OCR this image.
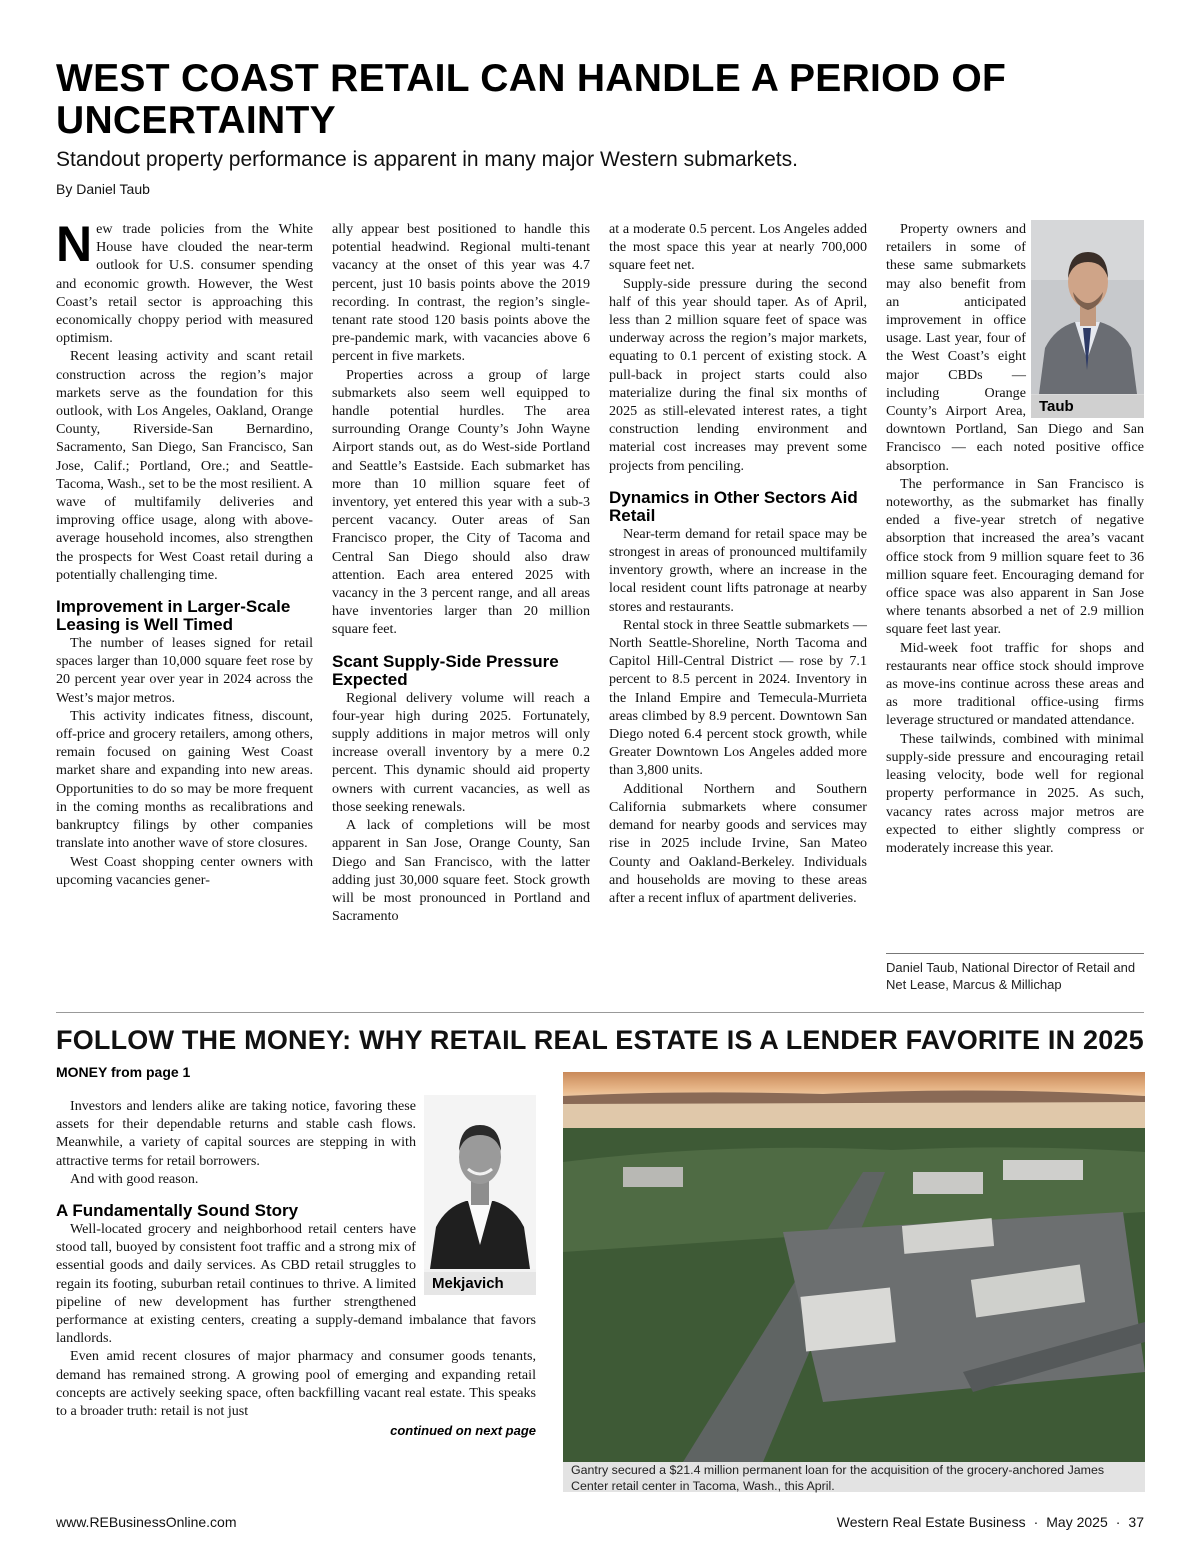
WEST COAST RETAIL CAN HANDLE A PERIOD OF UNCERTAINTY
Standout property performance is apparent in many major Western submarkets.
By Daniel Taub

New trade policies from the White House have clouded the near-term outlook for U.S. consumer spending and economic growth. However, the West Coast’s retail sector is approaching this economically choppy period with measured optimism.

Recent leasing activity and scant retail construction across the region’s major markets serve as the foundation for this outlook, with Los Angeles, Oakland, Orange County, Riverside-San Bernardino, Sacramento, San Diego, San Francisco, San Jose, Calif.; Portland, Ore.; and Seattle-Tacoma, Wash., set to be the most resilient. A wave of multifamily deliveries and improving office usage, along with above-average household incomes, also strengthen the prospects for West Coast retail during a potentially challenging time.

Improvement in Larger-Scale Leasing is Well Timed

The number of leases signed for retail spaces larger than 10,000 square feet rose by 20 percent year over year in 2024 across the West’s major metros.

This activity indicates fitness, discount, off-price and grocery retailers, among others, remain focused on gaining West Coast market share and expanding into new areas. Opportunities to do so may be more frequent in the coming months as recalibrations and bankruptcy filings by other companies translate into another wave of store closures.

West Coast shopping center owners with upcoming vacancies gener-

ally appear best positioned to handle this potential headwind. Regional multi-tenant vacancy at the onset of this year was 4.7 percent, just 10 basis points above the 2019 recording. In contrast, the region’s single-tenant rate stood 120 basis points above the pre-pandemic mark, with vacancies above 6 percent in five markets.

Properties across a group of large submarkets also seem well equipped to handle potential hurdles. The area surrounding Orange County’s John Wayne Airport stands out, as do West-side Portland and Seattle’s Eastside. Each submarket has more than 10 million square feet of inventory, yet entered this year with a sub-3 percent vacancy. Outer areas of San Francisco proper, the City of Tacoma and Central San Diego should also draw attention. Each area entered 2025 with vacancy in the 3 percent range, and all areas have inventories larger than 20 million square feet.

Scant Supply-Side Pressure Expected

Regional delivery volume will reach a four-year high during 2025. Fortunately, supply additions in major metros will only increase overall inventory by a mere 0.2 percent. This dynamic should aid property owners with current vacancies, as well as those seeking renewals.

A lack of completions will be most apparent in San Jose, Orange County, San Diego and San Francisco, with the latter adding just 30,000 square feet. Stock growth will be most pronounced in Portland and Sacramento

at a moderate 0.5 percent. Los Angeles added the most space this year at nearly 700,000 square feet net.

Supply-side pressure during the second half of this year should taper. As of April, less than 2 million square feet of space was underway across the region’s major markets, equating to 0.1 percent of existing stock. A pull-back in project starts could also materialize during the final six months of 2025 as still-elevated interest rates, a tight construction lending environment and material cost increases may prevent some projects from penciling.

Dynamics in Other Sectors Aid Retail

Near-term demand for retail space may be strongest in areas of pronounced multifamily inventory growth, where an increase in the local resident count lifts patronage at nearby stores and restaurants.

Rental stock in three Seattle submarkets — North Seattle-Shoreline, North Tacoma and Capitol Hill-Central District — rose by 7.1 percent to 8.5 percent in 2024. Inventory in the Inland Empire and Temecula-Murrieta areas climbed by 8.9 percent. Downtown San Diego noted 6.4 percent stock growth, while Greater Downtown Los Angeles added more than 3,800 units.

Additional Northern and Southern California submarkets where consumer demand for nearby goods and services may rise in 2025 include Irvine, San Mateo County and Oakland-Berkeley. Individuals and households are moving to these areas after a recent influx of apartment deliveries.

Property owners and retailers in some of these same submarkets may also benefit from an anticipated improvement in office usage. Last year, four of the West Coast’s eight major CBDs — including Orange County’s Airport Area, downtown Portland, San Diego and San Francisco — each noted positive office absorption.

The performance in San Francisco is noteworthy, as the submarket has finally ended a five-year stretch of negative absorption that increased the area’s vacant office stock from 9 million square feet to 36 million square feet. Encouraging demand for office space was also apparent in San Jose where tenants absorbed a net of 2.9 million square feet last year.

Mid-week foot traffic for shops and restaurants near office stock should improve as move-ins continue across these areas and as more traditional office-using firms leverage structured or mandated attendance.

These tailwinds, combined with minimal supply-side pressure and encouraging retail leasing velocity, bode well for regional property performance in 2025. As such, vacancy rates across major metros are expected to either slightly compress or moderately increase this year.

Taub
Daniel Taub, National Director of Retail and Net Lease, Marcus & Millichap
FOLLOW THE MONEY: WHY RETAIL REAL ESTATE IS A LENDER FAVORITE IN 2025
MONEY from page 1

Investors and lenders alike are taking notice, favoring these assets for their dependable returns and stable cash flows. Meanwhile, a variety of capital sources are stepping in with attractive terms for retail borrowers.

And with good reason.

A Fundamentally Sound Story

Well-located grocery and neighborhood retail centers have stood tall, buoyed by consistent foot traffic and a strong mix of essential goods and daily services. As CBD retail struggles to regain its footing, suburban retail continues to thrive. A limited pipeline of new development has further strengthened performance at existing centers, creating a supply-demand imbalance that favors landlords.

Even amid recent closures of major pharmacy and consumer goods tenants, demand has remained strong. A growing pool of emerging and expanding retail concepts are actively seeking space, often backfilling vacant real estate. This speaks to a broader truth: retail is not just

continued on next page
Mekjavich
Gantry secured a $21.4 million permanent loan for the acquisition of the grocery-anchored James Center retail center in Tacoma, Wash., this April.
www.REBusinessOnline.com	Western Real Estate Business · May 2025 · 37
